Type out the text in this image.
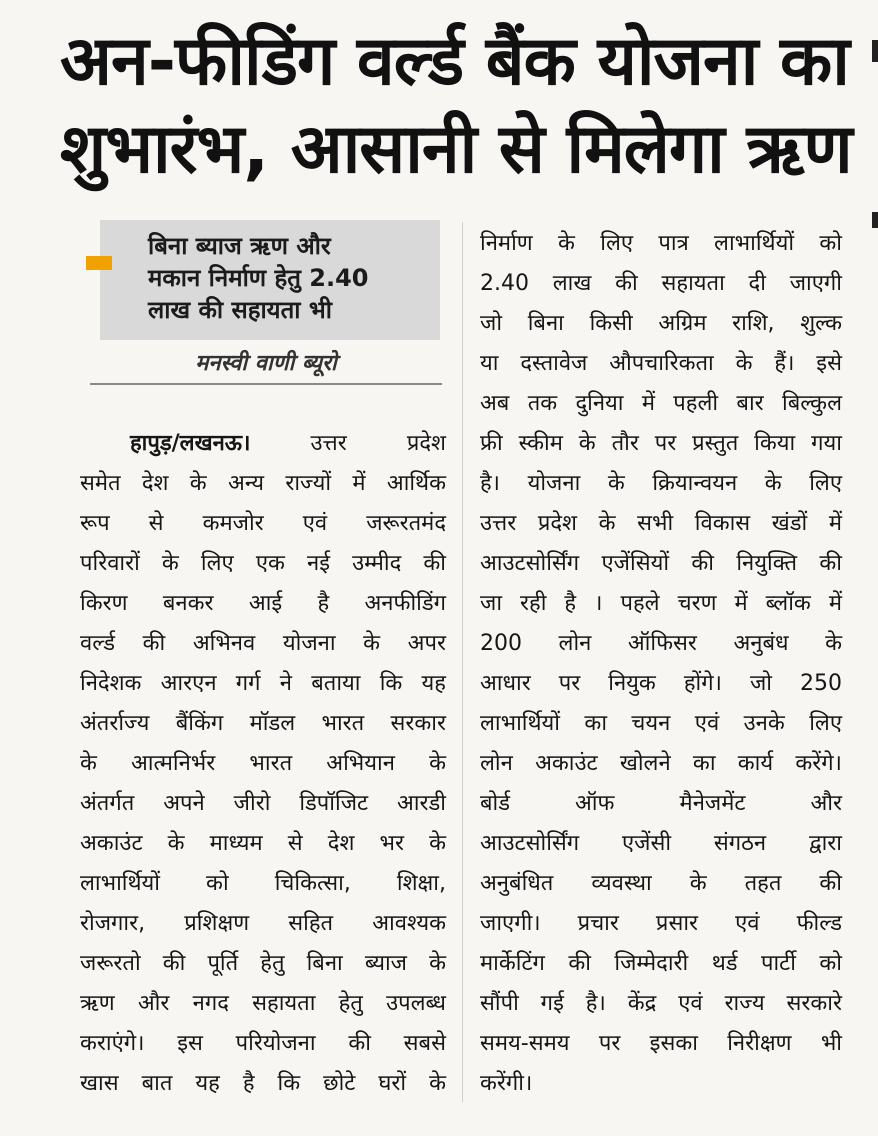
अन-फीडिंग वर्ल्ड बैंक योजना का
शुभारंभ, आसानी से मिलेगा ऋण
बिना ब्याज ऋण और
मकान निर्माण हेतु 2.40
लाख की सहायता भी
मनस्वी वाणी ब्यूरो
हापुड़/लखनऊ।	उत्तर प्रदेश
समेत देश के अन्य राज्यों में आर्थिक
रूप से कमजोर एवं जरूरतमंद
परिवारों के लिए एक नई उम्मीद की
किरण बनकर आई है अनफीडिंग
वर्ल्ड की अभिनव योजना के अपर
निदेशक आरएन गर्ग ने बताया कि यह
अंतर्राज्य बैंकिंग मॉडल भारत सरकार
के आत्मनिर्भर भारत अभियान के
अंतर्गत अपने जीरो डिपॉजिट आरडी
अकाउंट के माध्यम से देश भर के
लाभार्थियों को चिकित्सा, शिक्षा,
रोजगार, प्रशिक्षण सहित आवश्यक
जरूरतो की पूर्ति हेतु बिना ब्याज के
ऋण और नगद सहायता हेतु उपलब्ध
कराएंगे। इस परियोजना की सबसे
खास बात यह है कि छोटे घरों के
निर्माण के लिए पात्र लाभार्थियों को
2.40 लाख की सहायता दी जाएगी
जो बिना किसी अग्रिम राशि, शुल्क
या दस्तावेज औपचारिकता के हैं। इसे
अब तक दुनिया में पहली बार बिल्कुल
फ्री स्कीम के तौर पर प्रस्तुत किया गया
है। योजना के क्रियान्वयन के लिए
उत्तर प्रदेश के सभी विकास खंडों में
आउटसोर्सिंग एजेंसियों की नियुक्ति की
जा रही है । पहले चरण में ब्लॉक में
200 लोन ऑफिसर अनुबंध के
आधार पर नियुक होंगे। जो 250
लाभार्थियों का चयन एवं उनके लिए
लोन अकाउंट खोलने का कार्य करेंगे।
बोर्ड ऑफ मैनेजमेंट और
आउटसोर्सिंग एजेंसी संगठन द्वारा
अनुबंधित व्यवस्था के तहत की
जाएगी। प्रचार प्रसार एवं फील्ड
मार्केटिंग की जिम्मेदारी थर्ड पार्टी को
सौंपी गई है। केंद्र एवं राज्य सरकारे
समय-समय पर इसका निरीक्षण भी
करेंगी।
